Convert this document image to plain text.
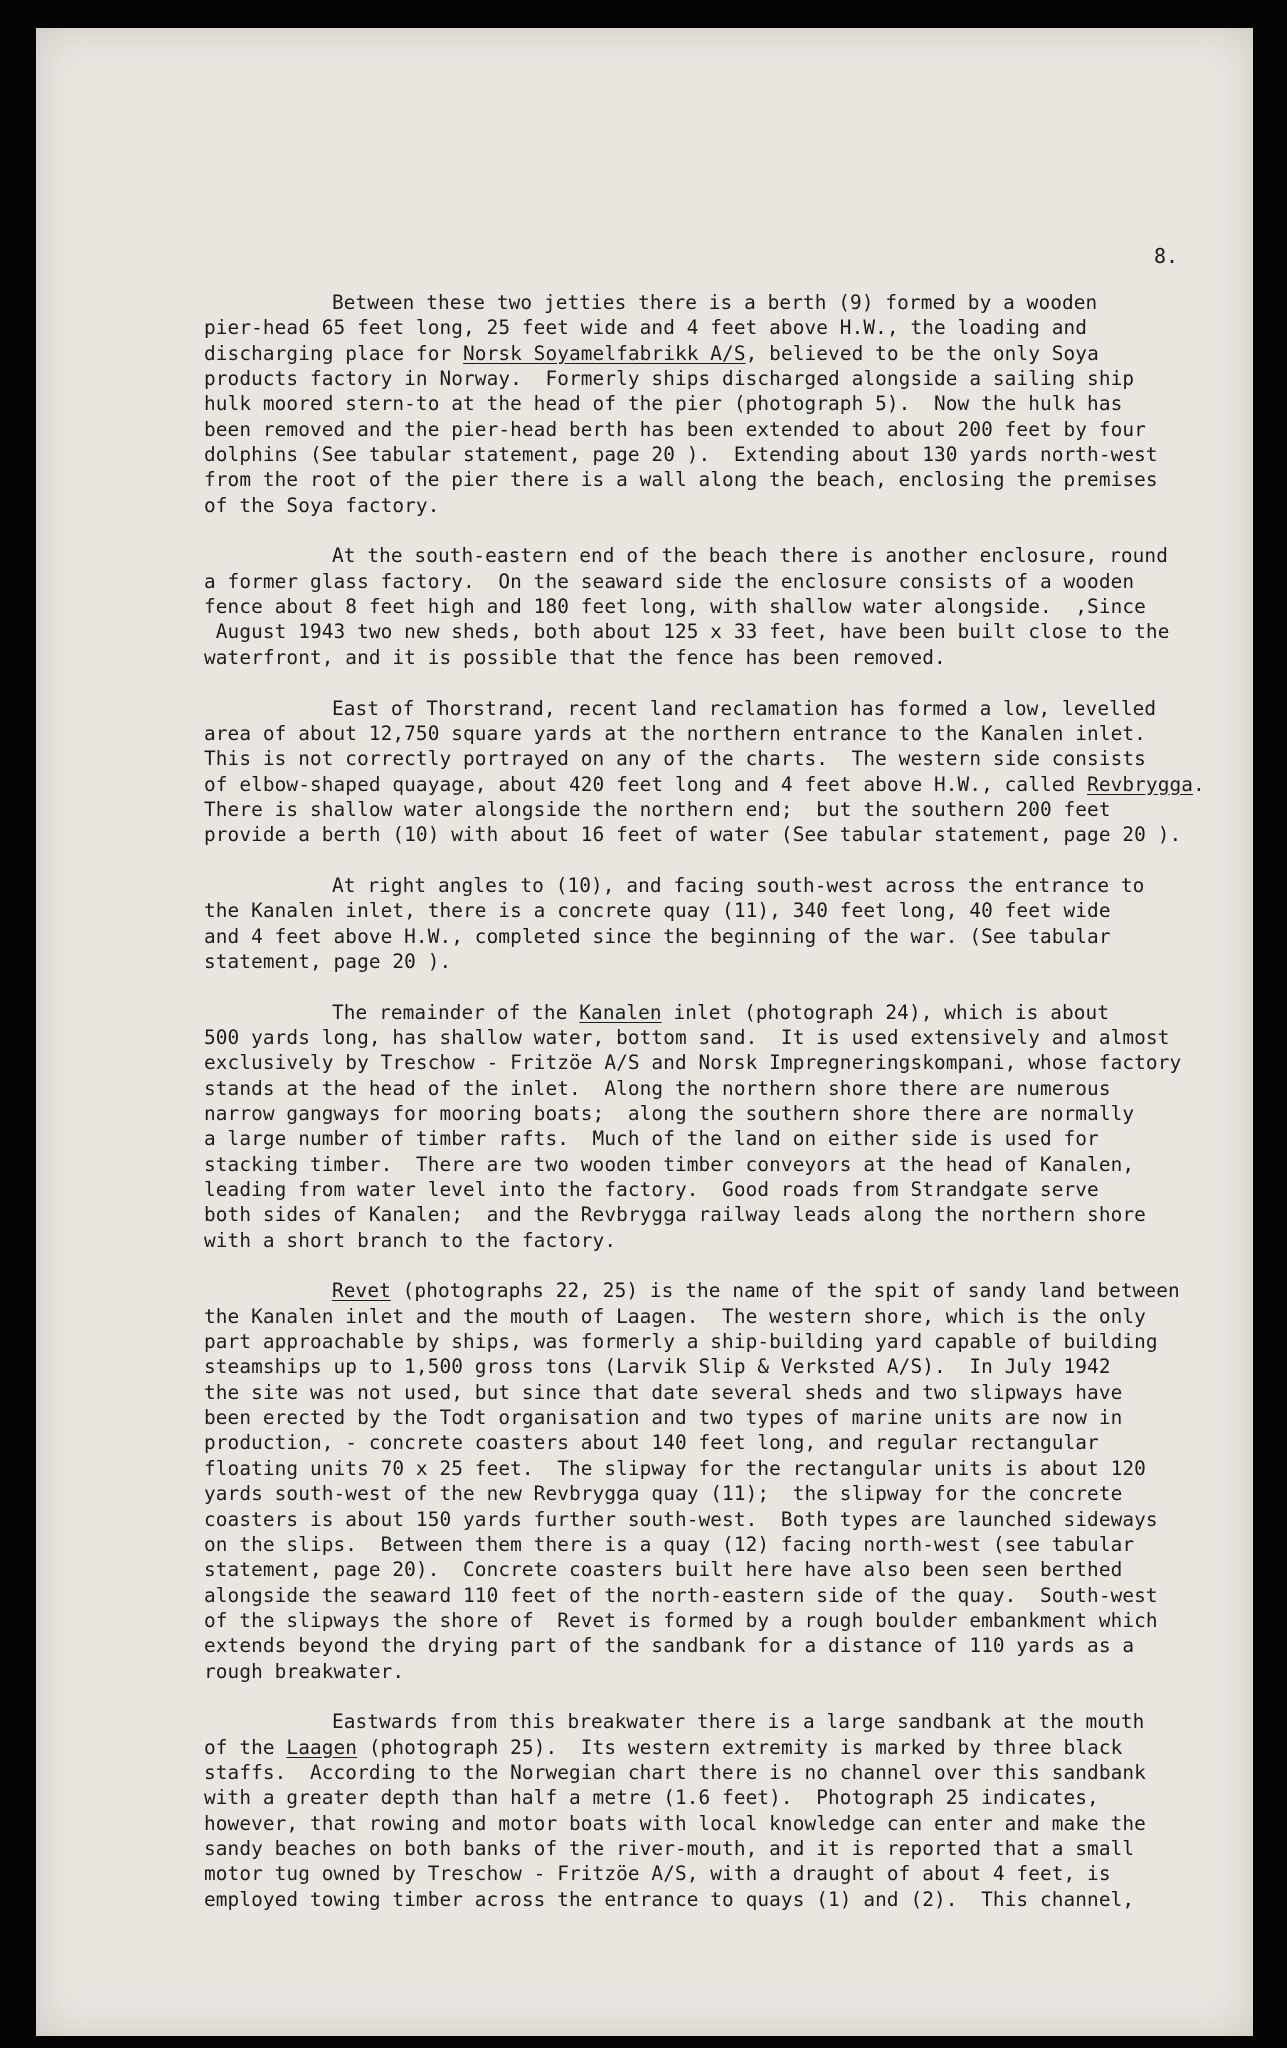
8.
Between these two jetties there is a berth (9) formed by a wooden
pier-head 65 feet long, 25 feet wide and 4 feet above H.W., the loading and
discharging place for Norsk Soyamelfabrikk A/S, believed to be the only Soya
products factory in Norway.  Formerly ships discharged alongside a sailing ship
hulk moored stern-to at the head of the pier (photograph 5).  Now the hulk has
been removed and the pier-head berth has been extended to about 200 feet by four
dolphins (See tabular statement, page 20 ).  Extending about 130 yards north-west
from the root of the pier there is a wall along the beach, enclosing the premises
of the Soya factory.
At the south-eastern end of the beach there is another enclosure, round
a former glass factory.  On the seaward side the enclosure consists of a wooden
fence about 8 feet high and 180 feet long, with shallow water alongside.  ,Since
August 1943 two new sheds, both about 125 x 33 feet, have been built close to the
waterfront, and it is possible that the fence has been removed.
East of Thorstrand, recent land reclamation has formed a low, levelled
area of about 12,750 square yards at the northern entrance to the Kanalen inlet.
This is not correctly portrayed on any of the charts.  The western side consists
of elbow-shaped quayage, about 420 feet long and 4 feet above H.W., called Revbrygga.
There is shallow water alongside the northern end;  but the southern 200 feet
provide a berth (10) with about 16 feet of water (See tabular statement, page 20 ).
At right angles to (10), and facing south-west across the entrance to
the Kanalen inlet, there is a concrete quay (11), 340 feet long, 40 feet wide
and 4 feet above H.W., completed since the beginning of the war. (See tabular
statement, page 20 ).
The remainder of the Kanalen inlet (photograph 24), which is about
500 yards long, has shallow water, bottom sand.  It is used extensively and almost
exclusively by Treschow - Fritzöe A/S and Norsk Impregneringskompani, whose factory
stands at the head of the inlet.  Along the northern shore there are numerous
narrow gangways for mooring boats;  along the southern shore there are normally
a large number of timber rafts.  Much of the land on either side is used for
stacking timber.  There are two wooden timber conveyors at the head of Kanalen,
leading from water level into the factory.  Good roads from Strandgate serve
both sides of Kanalen;  and the Revbrygga railway leads along the northern shore
with a short branch to the factory.
Revet (photographs 22, 25) is the name of the spit of sandy land between
the Kanalen inlet and the mouth of Laagen.  The western shore, which is the only
part approachable by ships, was formerly a ship-building yard capable of building
steamships up to 1,500 gross tons (Larvik Slip & Verksted A/S).  In July 1942
the site was not used, but since that date several sheds and two slipways have
been erected by the Todt organisation and two types of marine units are now in
production, - concrete coasters about 140 feet long, and regular rectangular
floating units 70 x 25 feet.  The slipway for the rectangular units is about 120
yards south-west of the new Revbrygga quay (11);  the slipway for the concrete
coasters is about 150 yards further south-west.  Both types are launched sideways
on the slips.  Between them there is a quay (12) facing north-west (see tabular
statement, page 20).  Concrete coasters built here have also been seen berthed
alongside the seaward 110 feet of the north-eastern side of the quay.  South-west
of the slipways the shore of  Revet is formed by a rough boulder embankment which
extends beyond the drying part of the sandbank for a distance of 110 yards as a
rough breakwater.
Eastwards from this breakwater there is a large sandbank at the mouth
of the Laagen (photograph 25).  Its western extremity is marked by three black
staffs.  According to the Norwegian chart there is no channel over this sandbank
with a greater depth than half a metre (1.6 feet).  Photograph 25 indicates,
however, that rowing and motor boats with local knowledge can enter and make the
sandy beaches on both banks of the river-mouth, and it is reported that a small
motor tug owned by Treschow - Fritzöe A/S, with a draught of about 4 feet, is
employed towing timber across the entrance to quays (1) and (2).  This channel,
